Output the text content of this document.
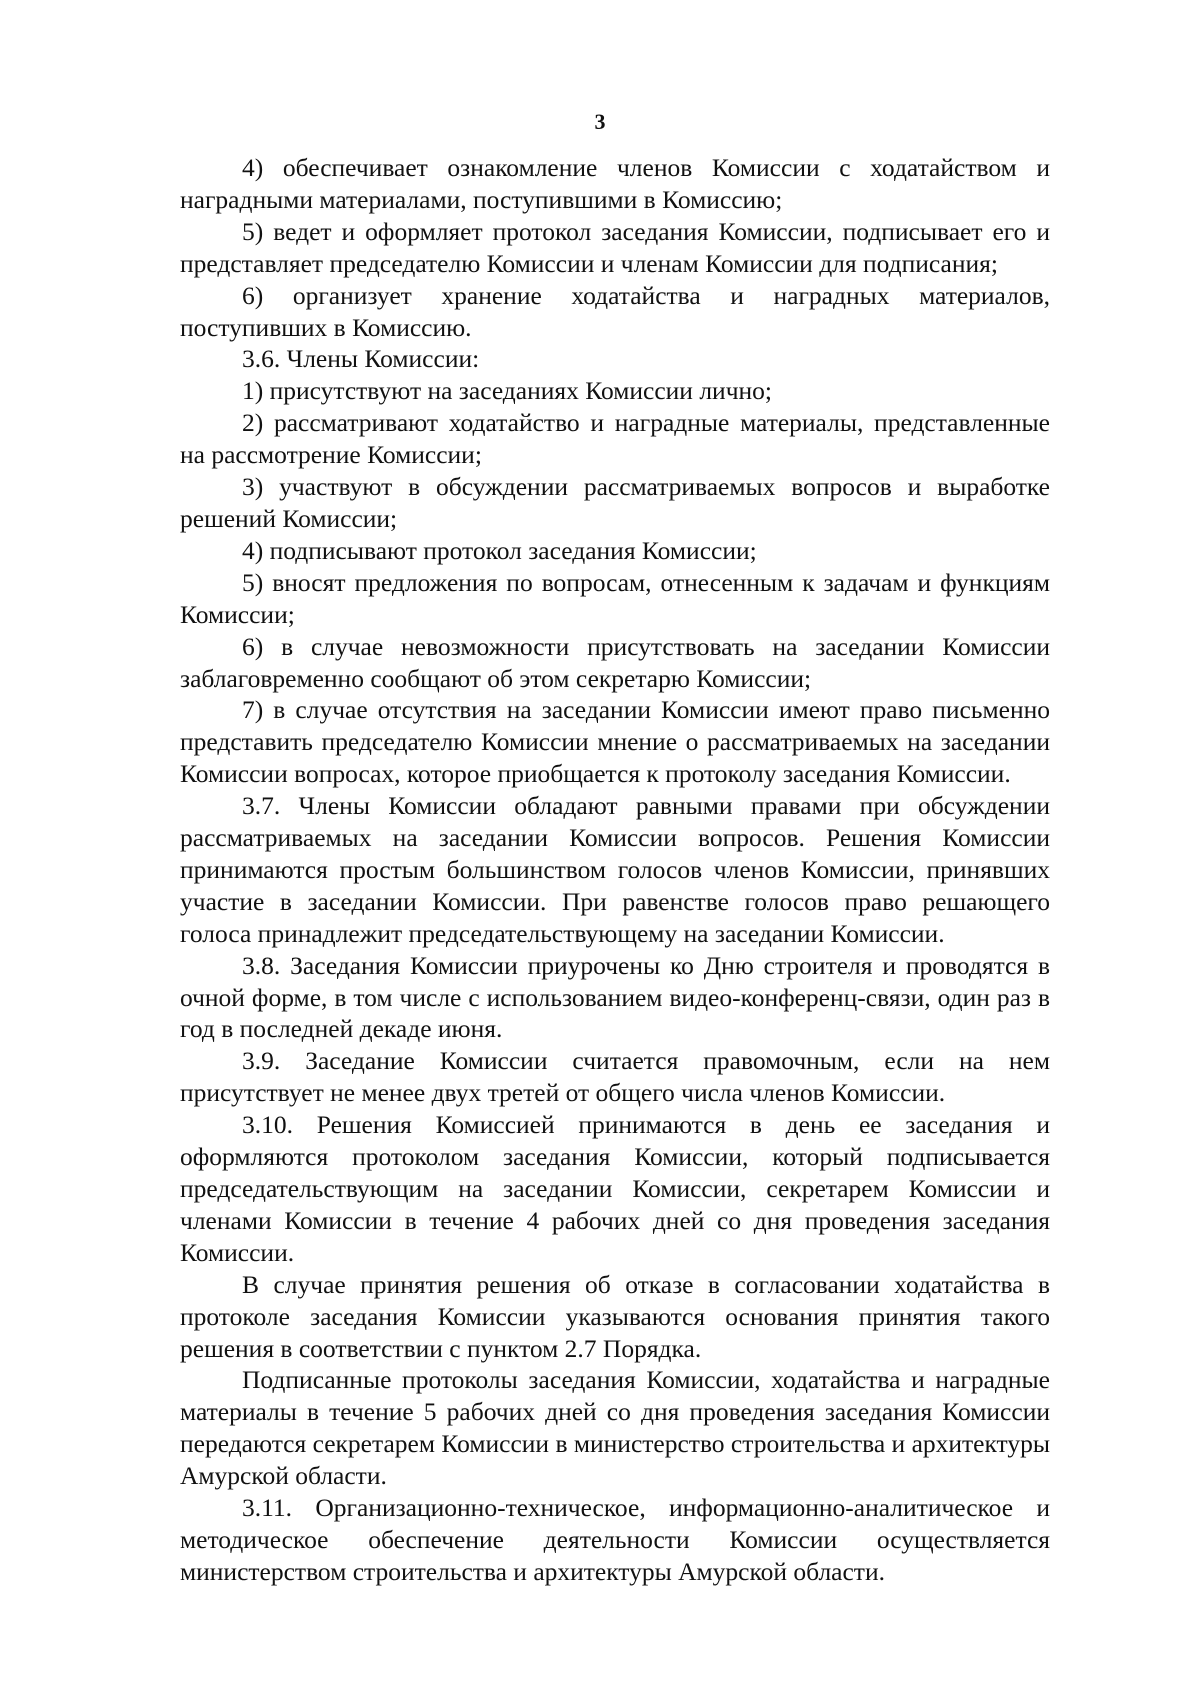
3

4) обеспечивает ознакомление членов Комиссии с ходатайством и наградными материалами, поступившими в Комиссию;

5) ведет и оформляет протокол заседания Комиссии, подписывает его и представляет председателю Комиссии и членам Комиссии для подписания;

6) организует хранение ходатайства и наградных материалов, поступивших в Комиссию.

3.6. Члены Комиссии:

1) присутствуют на заседаниях Комиссии лично;

2) рассматривают ходатайство и наградные материалы, представленные на рассмотрение Комиссии;

3) участвуют в обсуждении рассматриваемых вопросов и выработке решений Комиссии;

4) подписывают протокол заседания Комиссии;

5) вносят предложения по вопросам, отнесенным к задачам и функциям Комиссии;

6) в случае невозможности присутствовать на заседании Комиссии заблаговременно сообщают об этом секретарю Комиссии;

7) в случае отсутствия на заседании Комиссии имеют право письменно представить председателю Комиссии мнение о рассматриваемых на заседании Комиссии вопросах, которое приобщается к протоколу заседания Комиссии.

3.7. Члены Комиссии обладают равными правами при обсуждении рассматриваемых на заседании Комиссии вопросов. Решения Комиссии принимаются простым большинством голосов членов Комиссии, принявших участие в заседании Комиссии. При равенстве голосов право решающего голоса принадлежит председательствующему на заседании Комиссии.

3.8. Заседания Комиссии приурочены ко Дню строителя и проводятся в очной форме, в том числе с использованием видео-конференц-связи, один раз в год в последней декаде июня.

3.9. Заседание Комиссии считается правомочным, если на нем присутствует не менее двух третей от общего числа членов Комиссии.

3.10. Решения Комиссией принимаются в день ее заседания и оформляются протоколом заседания Комиссии, который подписывается председательствующим на заседании Комиссии, секретарем Комиссии и членами Комиссии в течение 4 рабочих дней со дня проведения заседания Комиссии.

В случае принятия решения об отказе в согласовании ходатайства в протоколе заседания Комиссии указываются основания принятия такого решения в соответствии с пунктом 2.7 Порядка.

Подписанные протоколы заседания Комиссии, ходатайства и наградные материалы в течение 5 рабочих дней со дня проведения заседания Комиссии передаются секретарем Комиссии в министерство строительства и архитектуры Амурской области.

3.11. Организационно-техническое, информационно-аналитическое и методическое обеспечение деятельности Комиссии осуществляется министерством строительства и архитектуры Амурской области.
